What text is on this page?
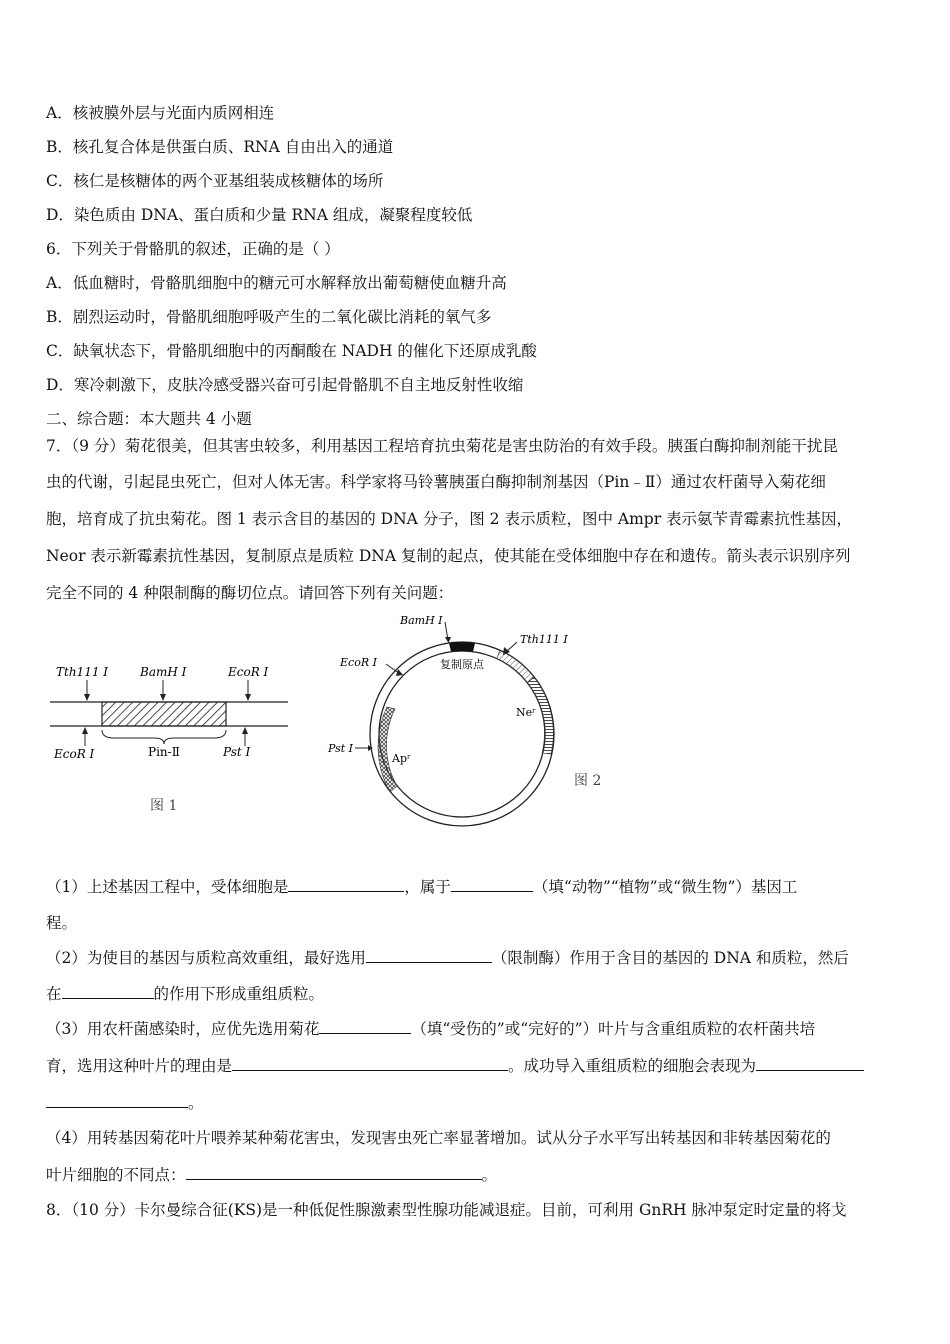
A．核被膜外层与光面内质网相连
B．核孔复合体是供蛋白质、RNA 自由出入的通道
C．核仁是核糖体的两个亚基组装成核糖体的场所
D．染色质由 DNA、蛋白质和少量 RNA 组成，凝聚程度较低
6．下列关于骨骼肌的叙述，正确的是（ ）
A．低血糖时，骨骼肌细胞中的糖元可水解释放出葡萄糖使血糖升高
B．剧烈运动时，骨骼肌细胞呼吸产生的二氧化碳比消耗的氧气多
C．缺氧状态下，骨骼肌细胞中的丙酮酸在 NADH 的催化下还原成乳酸
D．寒冷刺激下，皮肤冷感受器兴奋可引起骨骼肌不自主地反射性收缩
二、综合题：本大题共 4 小题
7．（9 分）菊花很美，但其害虫较多，利用基因工程培育抗虫菊花是害虫防治的有效手段。胰蛋白酶抑制剂能干扰昆
虫的代谢，引起昆虫死亡，但对人体无害。科学家将马铃薯胰蛋白酶抑制剂基因（Pin﹣Ⅱ）通过农杆菌导入菊花细
胞，培育成了抗虫菊花。图 1 表示含目的基因的 DNA 分子，图 2 表示质粒，图中 Ampr 表示氨苄青霉素抗性基因，
Neor 表示新霉素抗性基因，复制原点是质粒 DNA 复制的起点，使其能在受体细胞中存在和遗传。箭头表示识别序列
完全不同的 4 种限制酶的酶切位点。请回答下列有关问题：
Tth111 Ⅰ	BamH Ⅰ	EcoR Ⅰ
EcoR Ⅰ	Pin-Ⅱ	Pst Ⅰ
图 1
BamH Ⅰ
Tth111 Ⅰ
EcoR Ⅰ	复制原点
Neʳ
Pst Ⅰ
Apʳ
图 2
（1）上述基因工程中，受体细胞是	，属于	（填“动物”“植物”或“微生物”）基因工
程。
（2）为使目的基因与质粒高效重组，最好选用	（限制酶）作用于含目的基因的 DNA 和质粒，然后
在	的作用下形成重组质粒。
（3）用农杆菌感染时，应优先选用菊花	（填“受伤的”或“完好的”）叶片与含重组质粒的农杆菌共培
育，选用这种叶片的理由是	。成功导入重组质粒的细胞会表现为
。
（4）用转基因菊花叶片喂养某种菊花害虫，发现害虫死亡率显著增加。试从分子水平写出转基因和非转基因菊花的
叶片细胞的不同点：	。
8．（10 分）卡尔曼综合征(KS)是一种低促性腺激素型性腺功能减退症。目前，可利用 GnRH 脉冲泵定时定量的将戈
